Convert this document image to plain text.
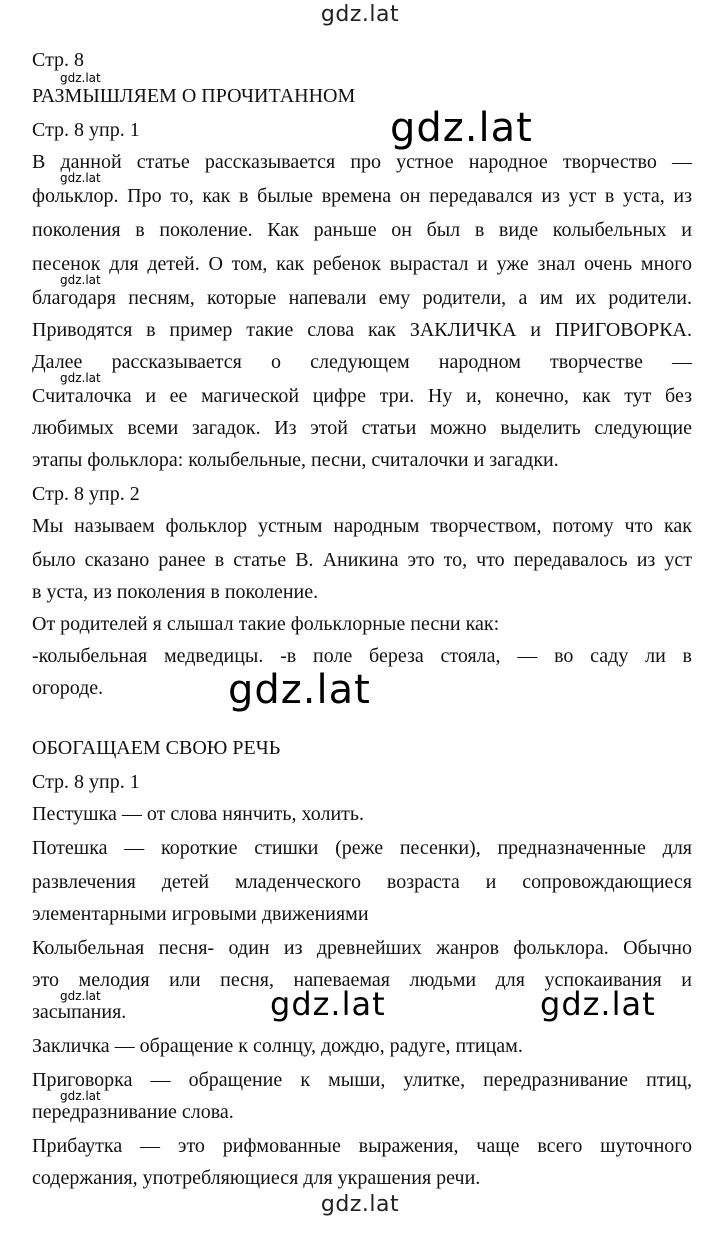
gdz.lat
Стр. 8
gdz.lat
РАЗМЫШЛЯЕМ О ПРОЧИТАННОМ
Стр. 8 упр. 1	gdz.lat
В данной статье рассказывается про устное народное творчество —
gdz.lat
фольклор. Про то, как в былые времена он передавался из уст в уста, из
поколения в поколение. Как раньше он был в виде колыбельных и
песенок для детей. О том, как ребенок вырастал и уже знал очень много
gdz.lat
благодаря песням, которые напевали ему родители, а им их родители.
Приводятся в пример такие слова как ЗАКЛИЧКА и ПРИГОВОРКА.
Далее рассказывается о следующем народном творчестве —
gdz.lat
Считалочка и ее магической цифре три. Ну и, конечно, как тут без
любимых всеми загадок. Из этой статьи можно выделить следующие
этапы фольклора: колыбельные, песни, считалочки и загадки.
Стр. 8 упр. 2
Мы называем фольклор устным народным творчеством, потому что как
было сказано ранее в статье В. Аникина это то, что передавалось из уст
в уста, из поколения в поколение.
От родителей я слышал такие фольклорные песни как:
-колыбельная медведицы. -в поле береза стояла, — во саду ли в
огороде.	gdz.lat
ОБОГАЩАЕМ СВОЮ РЕЧЬ
Стр. 8 упр. 1
Пестушка — от слова нянчить, холить.
Потешка — короткие стишки (реже песенки), предназначенные для
развлечения детей младенческого возраста и сопровождающиеся
элементарными игровыми движениями
Колыбельная песня- один из древнейших жанров фольклора. Обычно
это мелодия или песня, напеваемая людьми для успокаивания и
gdz.lat
засыпания.	gdz.lat	gdz.lat
Закличка — обращение к солнцу, дождю, радуге, птицам.
Приговорка — обращение к мыши, улитке, передразнивание птиц,
gdz.lat
передразнивание слова.
Прибаутка — это рифмованные выражения, чаще всего шуточного
содержания, употребляющиеся для украшения речи.
gdz.lat
